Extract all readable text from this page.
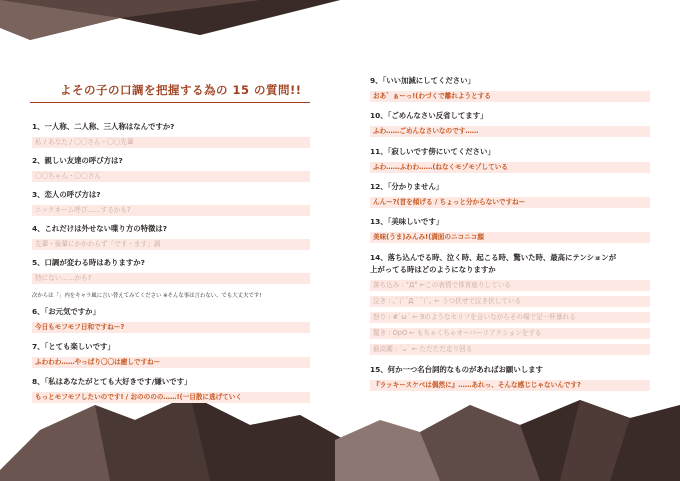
よその子の口調を把握する為の 15 の質問!!
1、一人称、二人称、三人称はなんですか?
私 / あなた / 〇〇さん・〇〇先輩
2、親しい友達の呼び方は?
〇〇ちゃん・〇〇さん
3、恋人の呼び方は?
ニックネーム呼び……するかも?
4、これだけは外せない喋り方の特徴は?
先輩・後輩にかかわらず「です・ます」調
5、口調が変わる時はありますか?
特にない……かも?
次からは「」内をキャラ風に言い替えてみてください ※そんな事は言わない、でも大丈夫です!
6、「お元気ですか」
今日もモフモフ日和ですねー?
7、「とても楽しいです」
ふわわわ……やっぱり〇〇は癒しですねー
8、「私はあなたがとても大好きです/嫌いです」
もっとモフモフしたいのです! / おのののの……!(一目散に逃げていく
9、「いい加減にしてください」
おあ゛ぁーっ!(わづくで離れようとする
10、「ごめんなさい反省してます」
ふわ……ごめんなさいなのです……
11、「寂しいです傍にいてください」
ふわ……ふわわ……(ねなくモゾモゾしている
12、「分かりません」
んんー?(首を傾げる / ちょっと分からないですねー
13、「美味しいです」
美味(うま)みんみ!(満面のニコニコ顔
14、落ち込んでる時、泣く時、起こる時、驚いた時、最高にテンションが
上がってる時はどのようになりますか
落ち込み : °Д° ←この表情で体育座りしている
泣き : ｡ﾟ(ﾟ´Д｀ﾟ)ﾟ｡ ← うつ伏せで泣き伏している
怒り : #`ω´ ← 9のようなセリフを言いながらその場で足一杯暴れる
驚き : OpO ← もちゃくちゃオーバーリアクションをする
最高潮 : ˙ᴗ˙ ← ただただ走り回る
15、何か一つ名台詞的なものがあればお願いします
『ラッキースケベは偶然に』……あれっ、そんな感じじゃないんです?
